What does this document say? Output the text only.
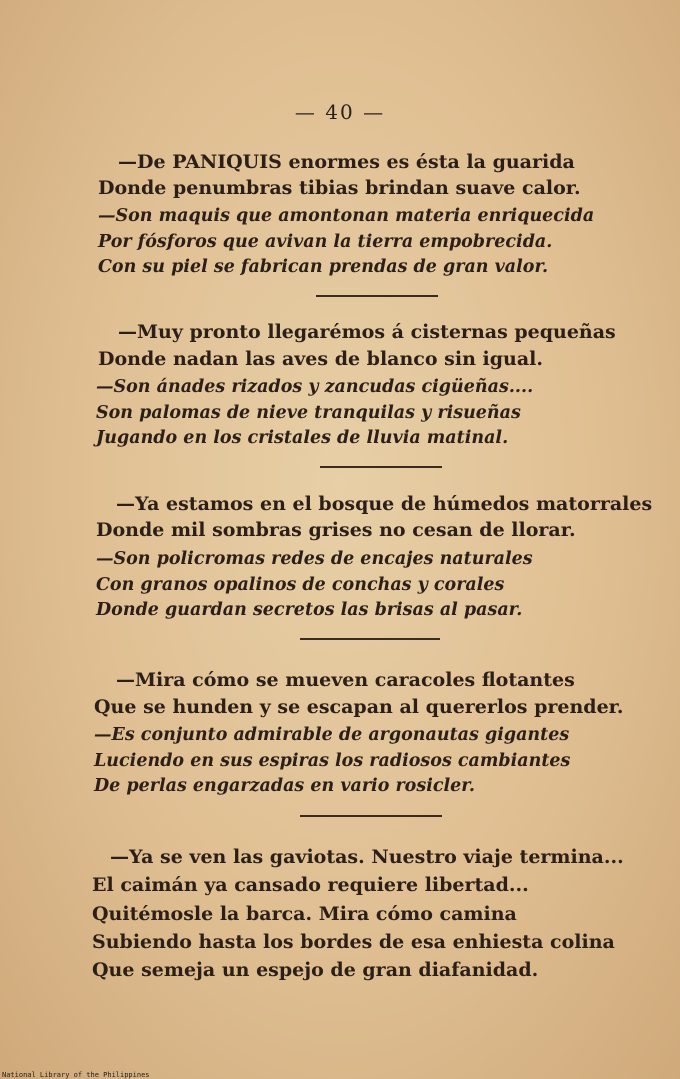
— 40 —
—De PANIQUIS enormes es ésta la guarida
Donde penumbras tibias brindan suave calor.
—Son maquis que amontonan materia enriquecida
Por fósforos que avivan la tierra empobrecida.
Con su piel se fabrican prendas de gran valor.
—Muy pronto llegarémos á cisternas pequeñas
Donde nadan las aves de blanco sin igual.
—Son ánades rizados y zancudas cigüeñas....
Son palomas de nieve tranquilas y risueñas
Jugando en los cristales de lluvia matinal.
—Ya estamos en el bosque de húmedos matorrales
Donde mil sombras grises no cesan de llorar.
—Son policromas redes de encajes naturales
Con granos opalinos de conchas y corales
Donde guardan secretos las brisas al pasar.
—Mira cómo se mueven caracoles flotantes
Que se hunden y se escapan al quererlos prender.
—Es conjunto admirable de argonautas gigantes
Luciendo en sus espiras los radiosos cambiantes
De perlas engarzadas en vario rosicler.
—Ya se ven las gaviotas. Nuestro viaje termina...
El caimán ya cansado requiere libertad...
Quitémosle la barca. Mira cómo camina
Subiendo hasta los bordes de esa enhiesta colina
Que semeja un espejo de gran diafanidad.
National Library of the Philippines
